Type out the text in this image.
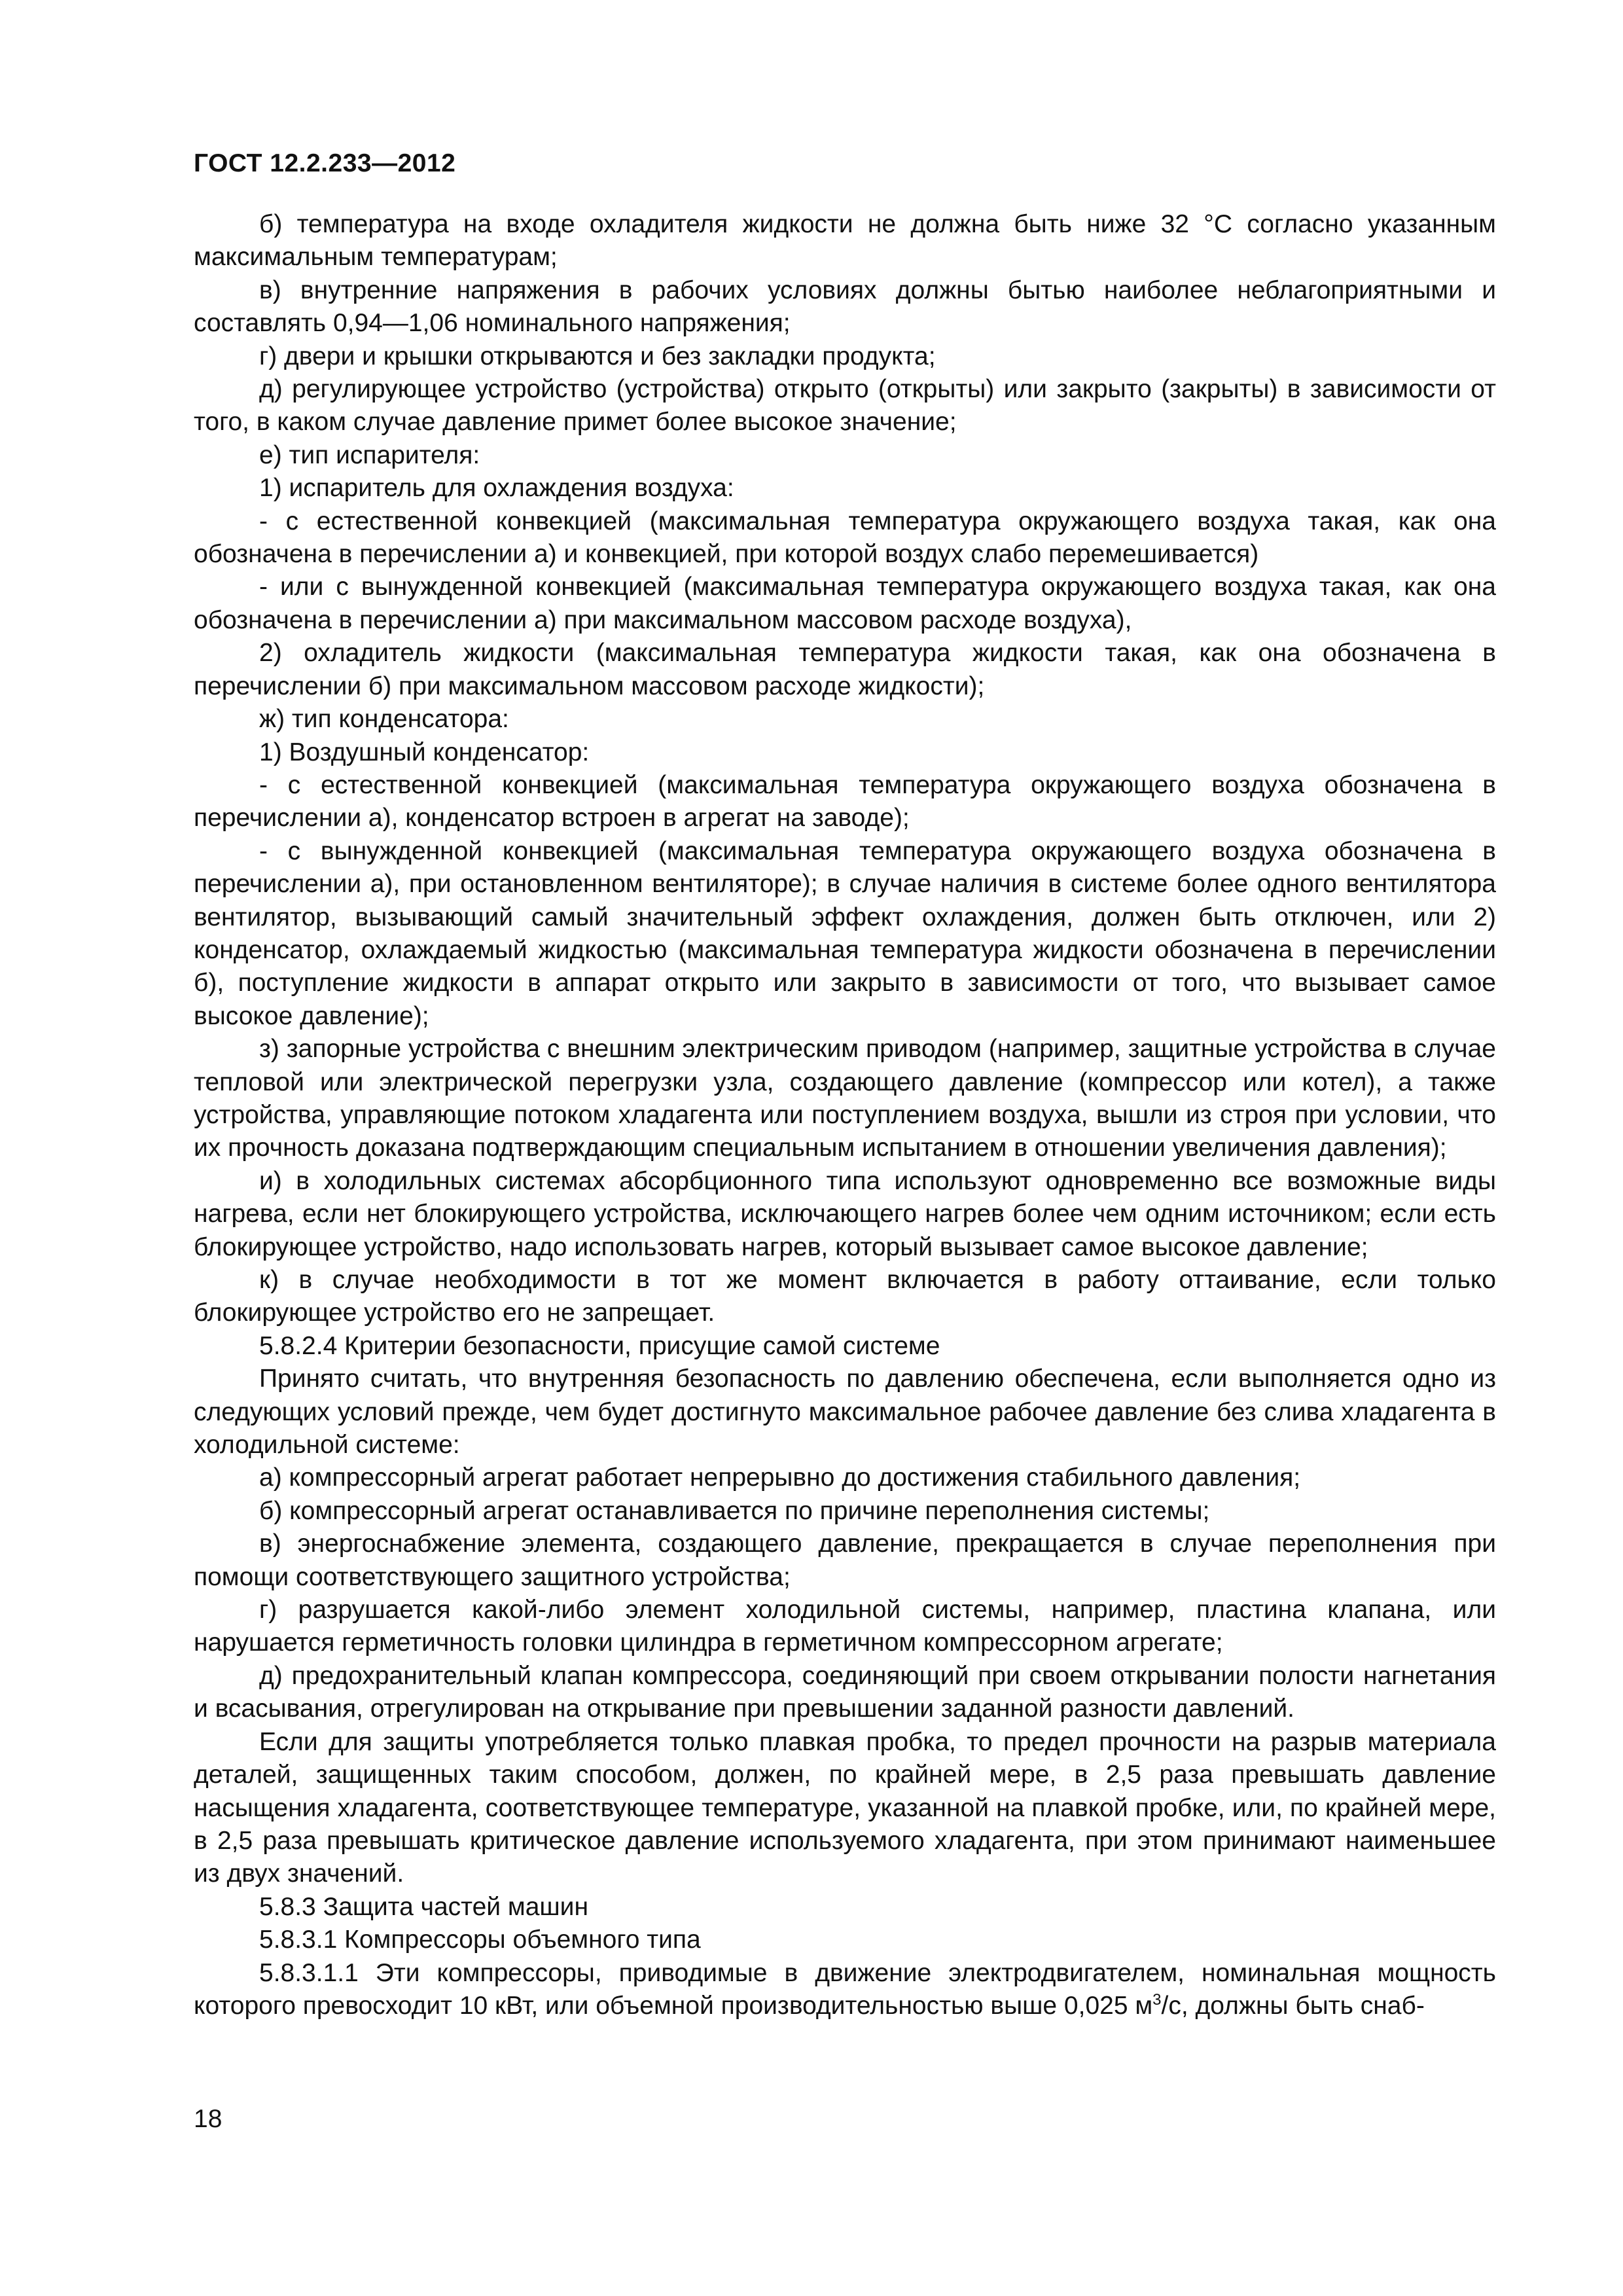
ГОСТ 12.2.233—2012

б) температура на входе охладителя жидкости не должна быть ниже 32 °С согласно указанным максимальным температурам;

в) внутренние напряжения в рабочих условиях должны бытью наиболее неблагоприятными и составлять 0,94—1,06 номинального напряжения;

г) двери и крышки открываются и без закладки продукта;

д) регулирующее устройство (устройства) открыто (открыты) или закрыто (закрыты) в зависимости от того, в каком случае давление примет более высокое значение;

е) тип испарителя:

1) испаритель для охлаждения воздуха:

- с естественной конвекцией (максимальная температура окружающего воздуха такая, как она обозначена в перечислении а) и конвекцией, при которой воздух слабо перемешивается)

- или с вынужденной конвекцией (максимальная температура окружающего воздуха такая, как она обозначена в перечислении а) при максимальном массовом расходе воздуха),

2) охладитель жидкости (максимальная температура жидкости такая, как она обозначена в перечислении б) при максимальном массовом расходе жидкости);

ж) тип конденсатора:

1) Воздушный конденсатор:

- с естественной конвекцией (максимальная температура окружающего воздуха обозначена в перечислении а), конденсатор встроен в агрегат на заводе);

- с вынужденной конвекцией (максимальная температура окружающего воздуха обозначена в перечислении а), при остановленном вентиляторе); в случае наличия в системе более одного вентилятора вентилятор, вызывающий самый значительный эффект охлаждения, должен быть отключен, или 2) конденсатор, охлаждаемый жидкостью (максимальная температура жидкости обозначена в перечислении б), поступление жидкости в аппарат открыто или закрыто в зависимости от того, что вызывает самое высокое давление);

з) запорные устройства с внешним электрическим приводом (например, защитные устройства в случае тепловой или электрической перегрузки узла, создающего давление (компрессор или котел), а также устройства, управляющие потоком хладагента или поступлением воздуха, вышли из строя при условии, что их прочность доказана подтверждающим специальным испытанием в отношении увеличения давления);

и) в холодильных системах абсорбционного типа используют одновременно все возможные виды нагрева, если нет блокирующего устройства, исключающего нагрев более чем одним источником; если есть блокирующее устройство, надо использовать нагрев, который вызывает самое высокое давление;

к) в случае необходимости в тот же момент включается в работу оттаивание, если только блокирующее устройство его не запрещает.

5.8.2.4 Критерии безопасности, присущие самой системе

Принято считать, что внутренняя безопасность по давлению обеспечена, если выполняется одно из следующих условий прежде, чем будет достигнуто максимальное рабочее давление без слива хладагента в холодильной системе:

а) компрессорный агрегат работает непрерывно до достижения стабильного давления;

б) компрессорный агрегат останавливается по причине переполнения системы;

в) энергоснабжение элемента, создающего давление, прекращается в случае переполнения при помощи соответствующего защитного устройства;

г) разрушается какой-либо элемент холодильной системы, например, пластина клапана, или нарушается герметичность головки цилиндра в герметичном компрессорном агрегате;

д) предохранительный клапан компрессора, соединяющий при своем открывании полости нагнетания и всасывания, отрегулирован на открывание при превышении заданной разности давлений.

Если для защиты употребляется только плавкая пробка, то предел прочности на разрыв материала деталей, защищенных таким способом, должен, по крайней мере, в 2,5 раза превышать давление насыщения хладагента, соответствующее температуре, указанной на плавкой пробке, или, по крайней мере, в 2,5 раза превышать критическое давление используемого хладагента, при этом принимают наименьшее из двух значений.

5.8.3 Защита частей машин

5.8.3.1 Компрессоры объемного типа

5.8.3.1.1 Эти компрессоры, приводимые в движение электродвигателем, номинальная мощность которого превосходит 10 кВт, или объемной производительностью выше 0,025 $м^3/с$, должны быть снаб-

18
